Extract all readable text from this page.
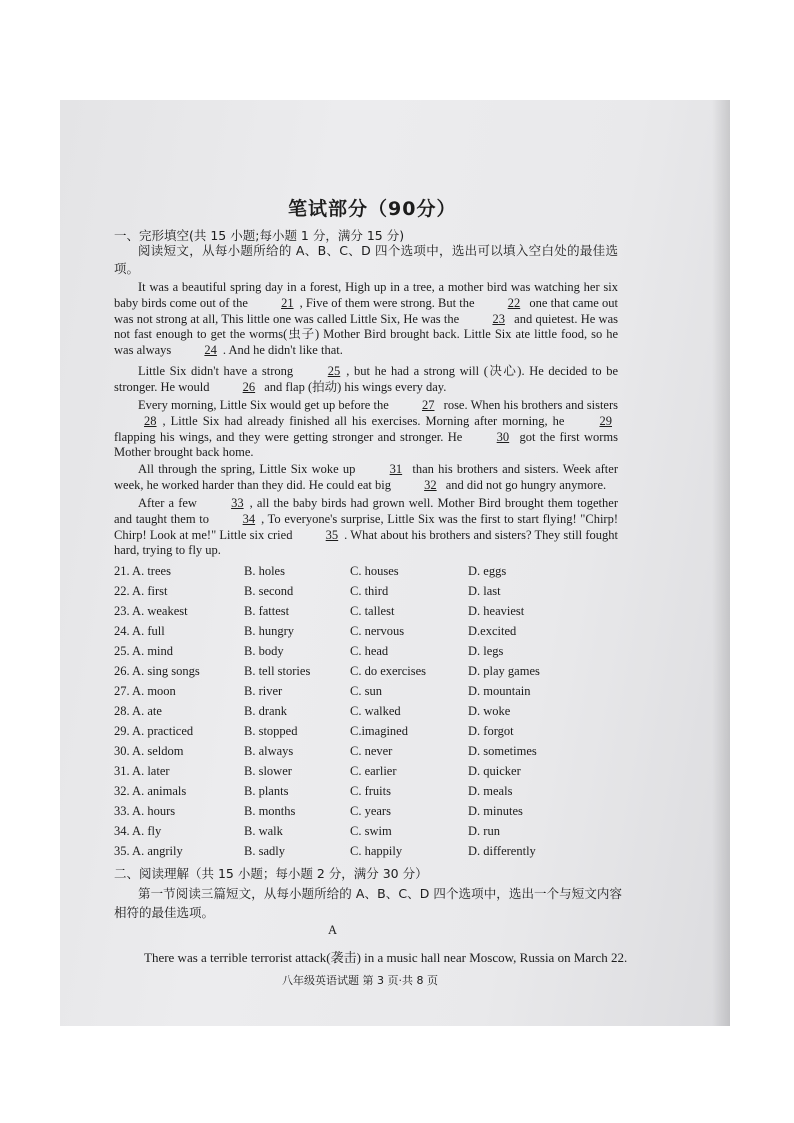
笔试部分（90分）
一、完形填空(共 15 小题;每小题 1 分，满分 15 分)
阅读短文，从每小题所给的 A、B、C、D 四个选项中，选出可以填入空白处的最佳选项。
It was a beautiful spring day in a forest, High up in a tree, a mother bird was watching her six baby birds come out of the 21 , Five of them were strong. But the 22 one that came out was not strong at all, This little one was called Little Six, He was the 23 and quietest. He was not fast enough to get the worms(虫子) Mother Bird brought back. Little Six ate little food, so he was always 24 . And he didn't like that.
Little Six didn't have a strong 25 , but he had a strong will (决心). He decided to be stronger. He would 26 and flap (拍动) his wings every day.
Every morning, Little Six would get up before the 27 rose. When his brothers and sisters 28 , Little Six had already finished all his exercises. Morning after morning, he 29 flapping his wings, and they were getting stronger and stronger. He 30 got the first worms Mother brought back home.
All through the spring, Little Six woke up 31 than his brothers and sisters. Week after week, he worked harder than they did. He could eat big 32 and did not go hungry anymore.
After a few 33 , all the baby birds had grown well. Mother Bird brought them together and taught them to 34 , To everyone's surprise, Little Six was the first to start flying! "Chirp! Chirp! Look at me!" Little six cried 35 . What about his brothers and sisters? They still fought hard, trying to fly up.
21. A. trees	B. holes	C. houses	D. eggs
22. A. first	B. second	C. third	D. last
23. A. weakest	B. fattest	C. tallest	D. heaviest
24. A. full	B. hungry	C. nervous	D.excited
25. A. mind	B. body	C. head	D. legs
26. A. sing songs	B. tell stories	C. do exercises	D. play games
27. A. moon	B. river	C. sun	D. mountain
28. A. ate	B. drank	C. walked	D. woke
29. A. practiced	B. stopped	C.imagined	D. forgot
30. A. seldom	B. always	C. never	D. sometimes
31. A. later	B. slower	C. earlier	D. quicker
32. A. animals	B. plants	C. fruits	D. meals
33. A. hours	B. months	C. years	D. minutes
34. A. fly	B. walk	C. swim	D. run
35. A. angrily	B. sadly	C. happily	D. differently
二、阅读理解（共 15 小题；每小题 2 分，满分 30 分）
第一节阅读三篇短文，从每小题所给的 A、B、C、D 四个选项中，选出一个与短文内容相符的最佳选项。
A
There was a terrible terrorist attack(袭击) in a music hall near Moscow, Russia on March 22.
八年级英语试题 第 3 页·共 8 页
